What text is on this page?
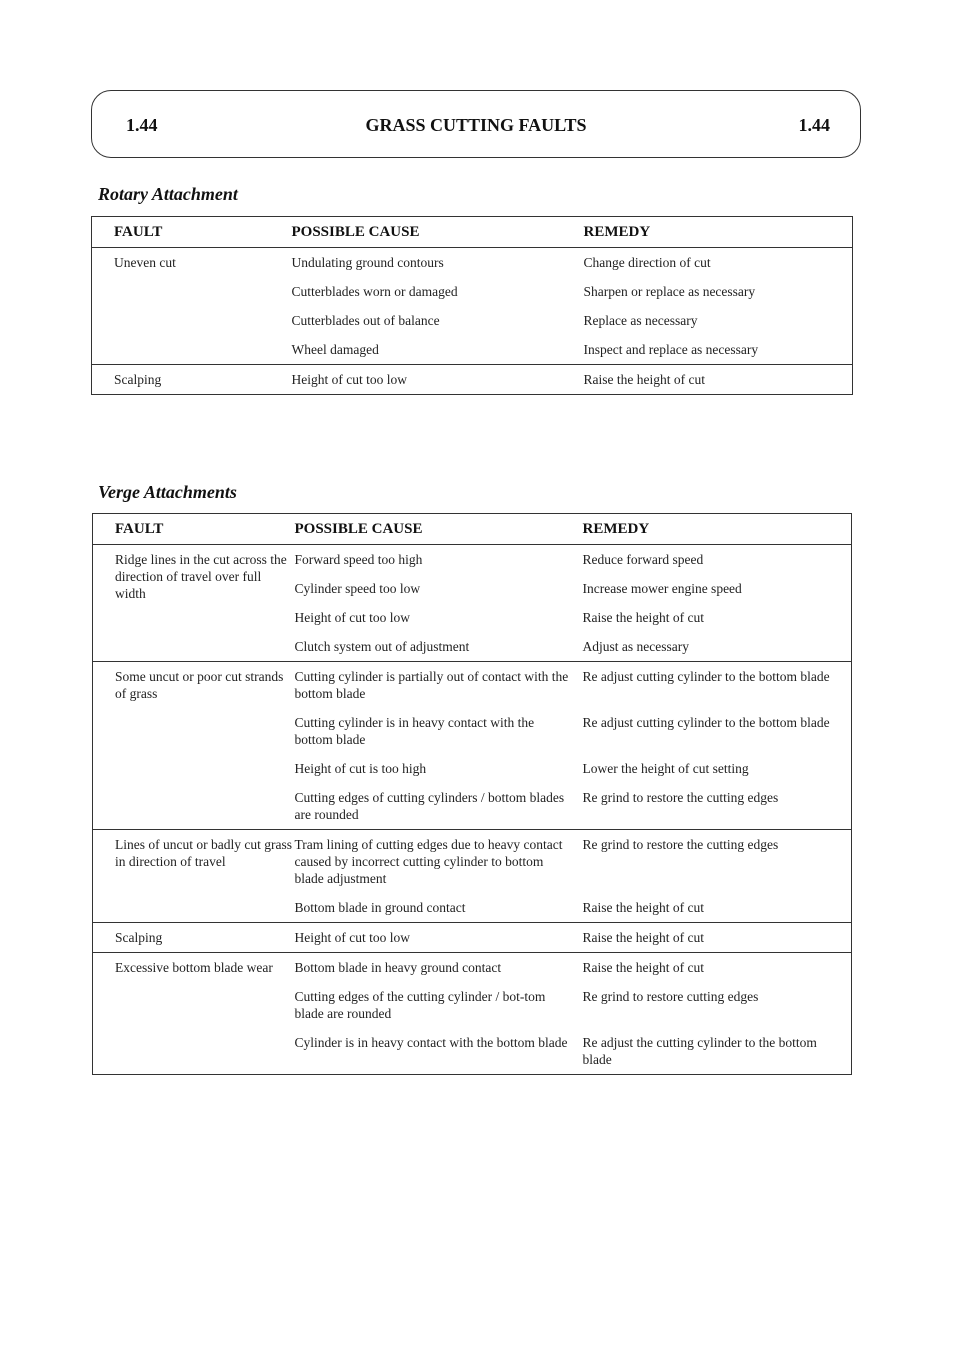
1.44	GRASS CUTTING FAULTS	1.44
Rotary Attachment
FAULT	POSSIBLE CAUSE	REMEDY
Uneven cut	Undulating ground contours	Change direction of cut
	Cutterblades worn or damaged	Sharpen or replace as necessary
	Cutterblades out of balance	Replace as necessary
	Wheel damaged	Inspect and replace as necessary
Scalping	Height of cut too low	Raise the height of cut
Verge Attachments
FAULT	POSSIBLE CAUSE	REMEDY
Ridge lines in the cut across the direction of travel over full width	Forward speed too high	Reduce forward speed
	Cylinder speed too low	Increase mower engine speed
	Height of cut too low	Raise the height of cut
	Clutch system out of adjustment	Adjust as necessary
Some uncut or poor cut strands of grass	Cutting cylinder is partially out of contact with the bottom blade	Re adjust cutting cylinder to the bottom blade
	Cutting cylinder is in heavy contact with the bottom blade	Re adjust cutting cylinder to the bottom blade
	Height of cut is too high	Lower the height of cut setting
	Cutting edges of cutting cylinders / bottom blades are rounded	Re grind to restore the cutting edges
Lines of uncut or badly cut grass in direction of travel	Tram lining of cutting edges due to heavy contact caused by incorrect cutting cylinder to bottom blade adjustment	Re grind to restore the cutting edges
	Bottom blade in ground contact	Raise the height of cut
Scalping	Height of cut too low	Raise the height of cut
Excessive bottom blade wear	Bottom blade in heavy ground contact	Raise the height of cut
	Cutting edges of the cutting cylinder / bot-tom blade are rounded	Re grind to restore cutting edges
	Cylinder is in heavy contact with the bottom blade	Re adjust the cutting cylinder to the bottom blade
